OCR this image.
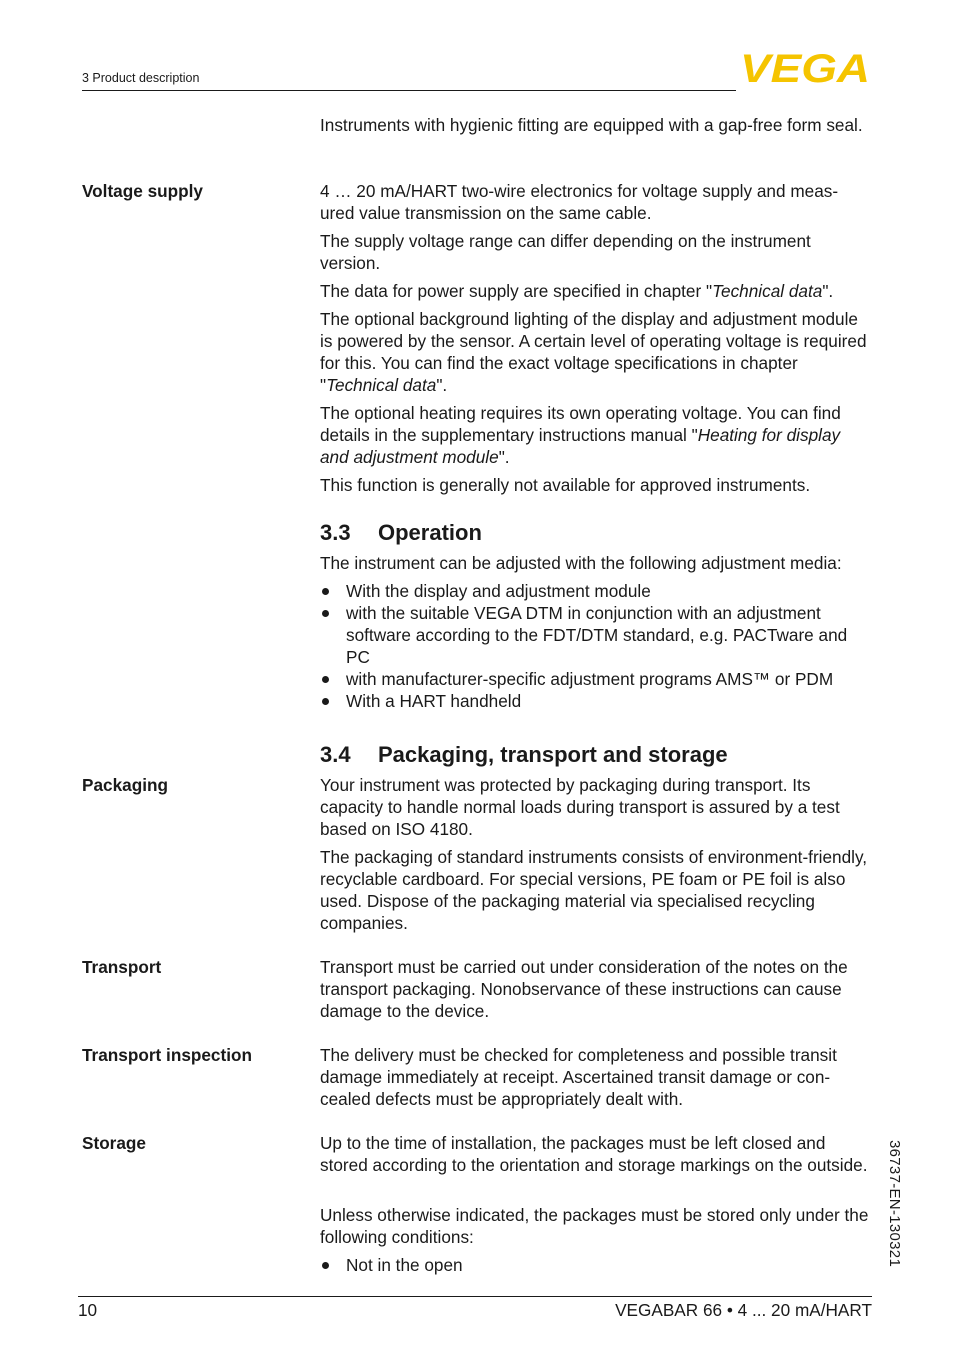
3 Product description	VEGA

Instruments with hygienic fitting are equipped with a gap-free form seal.

Voltage supply	4 … 20 mA/HART two-wire electronics for voltage supply and meas-ured value transmission on the same cable.

The supply voltage range can differ depending on the instrument version.

The data for power supply are specified in chapter "Technical data".

The optional background lighting of the display and adjustment module is powered by the sensor. A certain level of operating voltage is required for this. You can find the exact voltage specifications in chapter "Technical data".

The optional heating requires its own operating voltage. You can find details in the supplementary instructions manual "Heating for display and adjustment module".

This function is generally not available for approved instruments.

3.3 Operation

The instrument can be adjusted with the following adjustment media:

With the display and adjustment module
with the suitable VEGA DTM in conjunction with an adjustment software according to the FDT/DTM standard, e.g. PACTware and PC
with manufacturer-specific adjustment programs AMS™ or PDM
With a HART handheld
3.4 Packaging, transport and storage
Packaging	Your instrument was protected by packaging during transport. Its capacity to handle normal loads during transport is assured by a test based on ISO 4180.

The packaging of standard instruments consists of environment-friendly, recyclable cardboard. For special versions, PE foam or PE foil is also used. Dispose of the packaging material via specialised recycling companies.

Transport	Transport must be carried out under consideration of the notes on the transport packaging. Nonobservance of these instructions can cause damage to the device.

Transport inspection	The delivery must be checked for completeness and possible transit damage immediately at receipt. Ascertained transit damage or con-cealed defects must be appropriately dealt with.

Storage	Up to the time of installation, the packages must be left closed and stored according to the orientation and storage markings on the outside.

Unless otherwise indicated, the packages must be stored only under the following conditions:

Not in the open	36737-EN-130321
10	VEGABAR 66 • 4 ... 20 mA/HART
